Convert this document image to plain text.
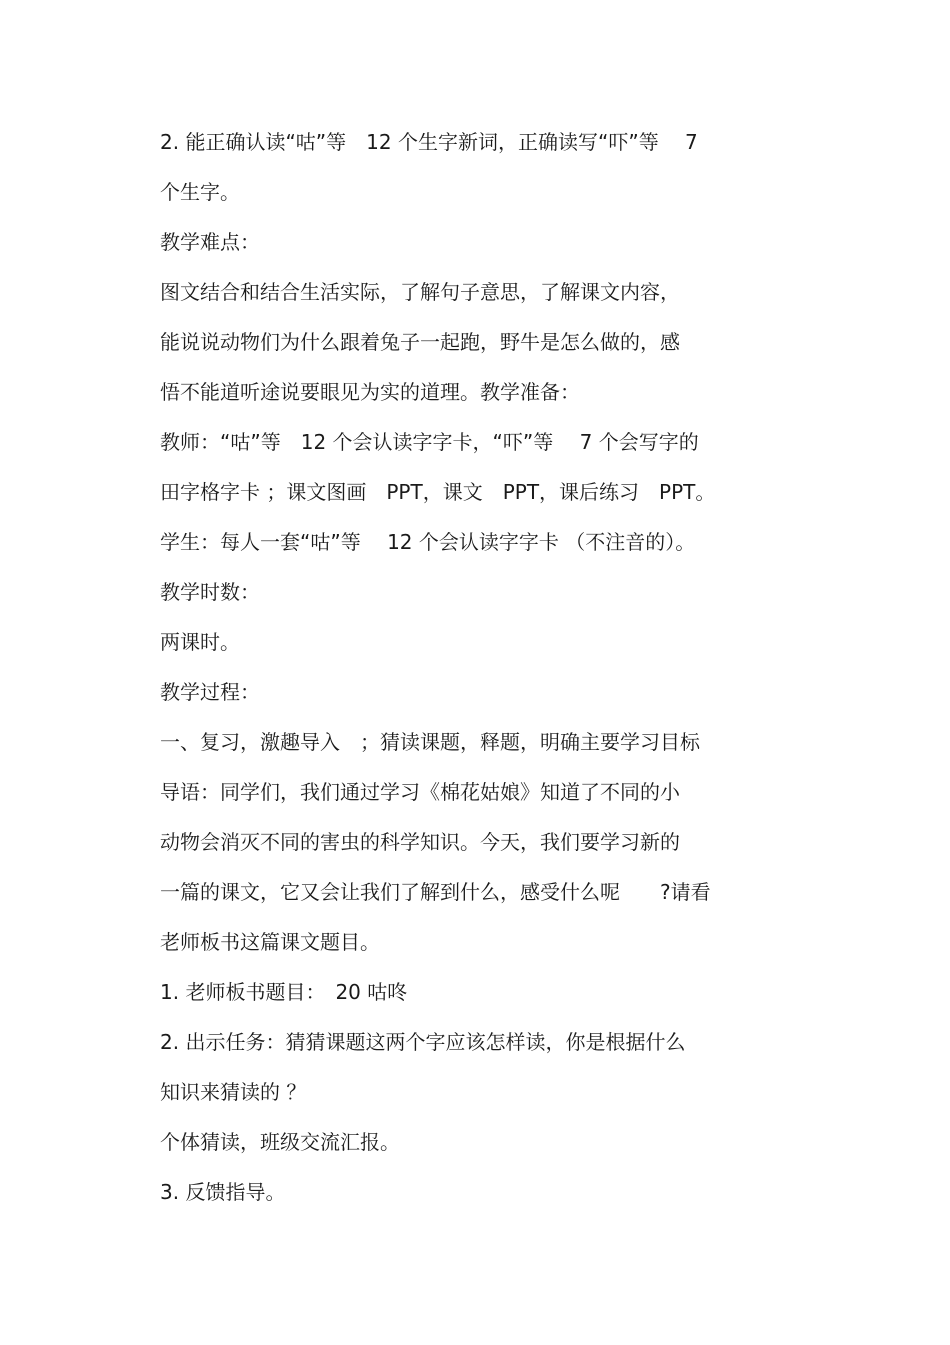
2. 能正确认读“咕”等　12 个生字新词，正确读写“吓”等　 7
个生字。
教学难点：
图文结合和结合生活实际，了解句子意思，了解课文内容，
能说说动物们为什么跟着兔子一起跑，野牛是怎么做的，感
悟不能道听途说要眼见为实的道理。教学准备：
教师：“咕”等　12 个会认读字字卡，“吓”等　 7 个会写字的
田字格字卡 ；课文图画　PPT，课文　PPT，课后练习　PPT。
学生：每人一套“咕”等　 12 个会认读字字卡 （不注音的）。
教学时数：
两课时。
教学过程：
一、复习，激趣导入　；猜读课题，释题，明确主要学习目标
导语：同学们，我们通过学习《棉花姑娘》知道了不同的小
动物会消灭不同的害虫的科学知识。今天，我们要学习新的
一篇的课文，它又会让我们了解到什么，感受什么呢　　?请看
老师板书这篇课文题目。
1. 老师板书题目：　20 咕咚
2. 出示任务：猜猜课题这两个字应该怎样读，你是根据什么
知识来猜读的 ？
个体猜读，班级交流汇报。
3. 反馈指导。
